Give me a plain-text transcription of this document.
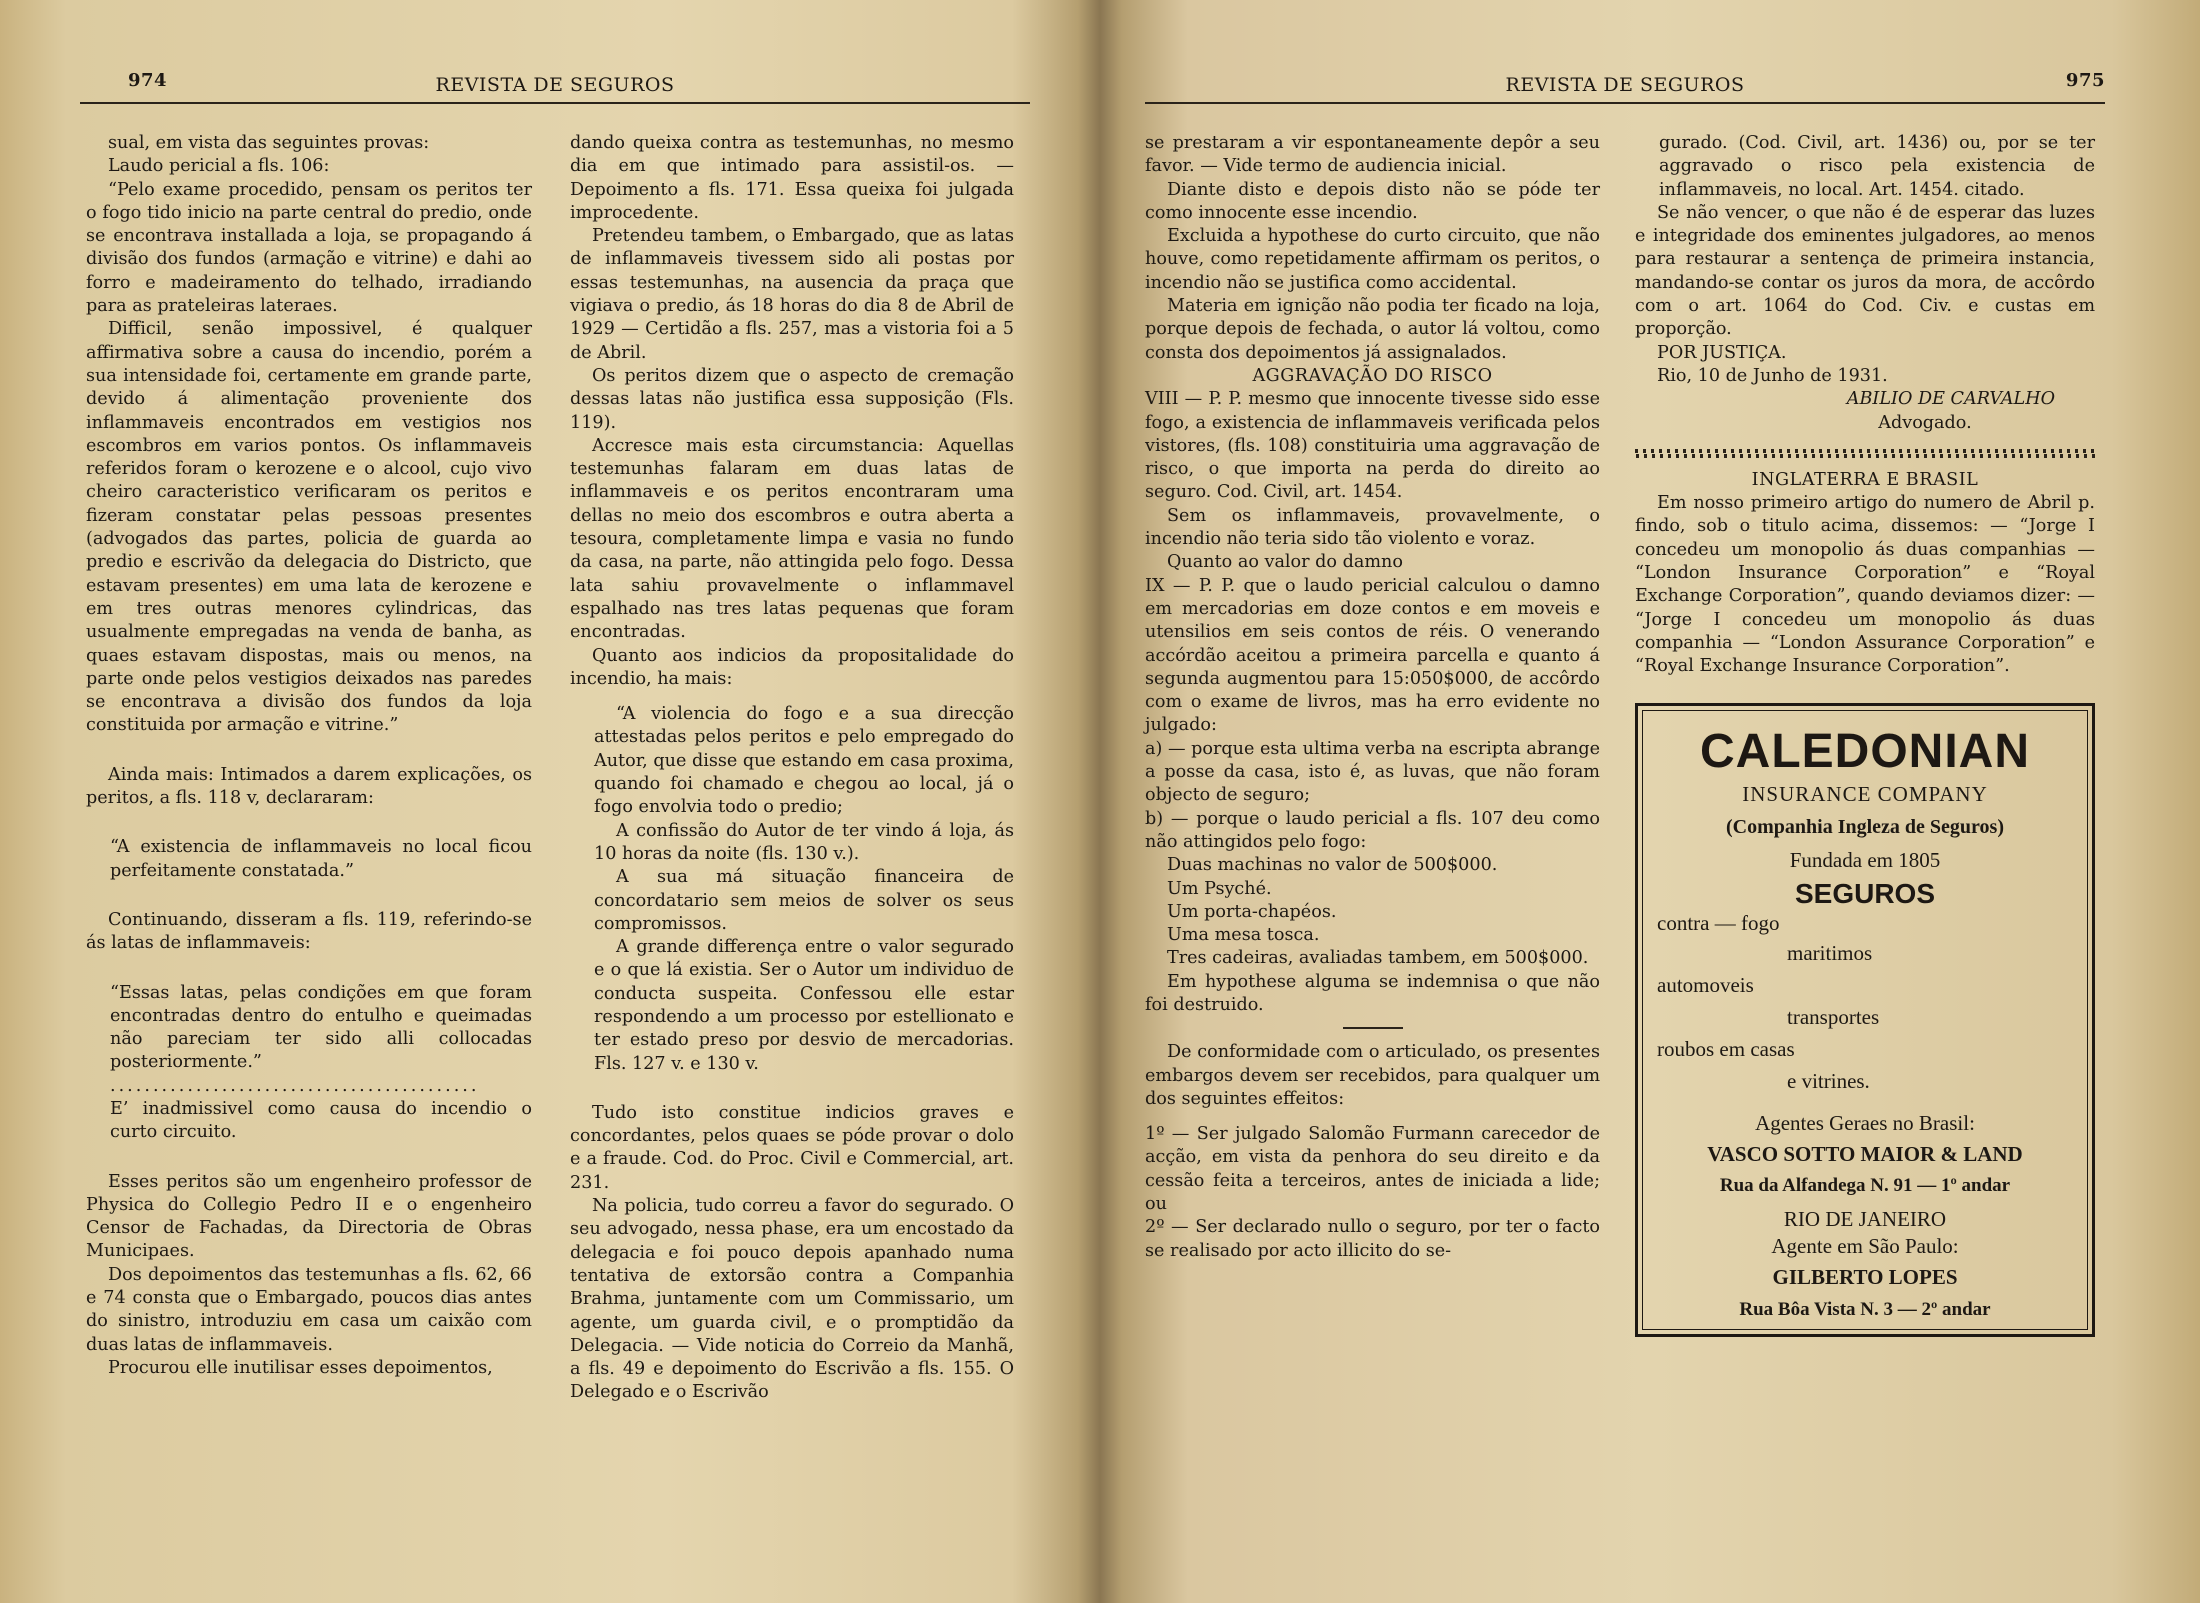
974	REVISTA DE SEGUROS

sual, em vista das seguintes provas:

Laudo pericial a fls. 106:

“Pelo exame procedido, pensam os peritos ter o fogo tido inicio na parte central do predio, onde se encontrava installada a loja, se propagando á divisão dos fundos (armação e vitrine) e dahi ao forro e madeiramento do telhado, irradiando para as prateleiras lateraes.

Difficil, senão impossivel, é qualquer affirmativa sobre a causa do incendio, porém a sua intensidade foi, certamente em grande parte, devido á alimentação proveniente dos inflammaveis encontrados em vestigios nos escombros em varios pontos. Os inflammaveis referidos foram o kerozene e o alcool, cujo vivo cheiro caracteristico verificaram os peritos e fizeram constatar pelas pessoas presentes (advogados das partes, policia de guarda ao predio e escrivão da delegacia do Districto, que estavam presentes) em uma lata de kerozene e em tres outras menores cylindricas, das usualmente empregadas na venda de banha, as quaes estavam dispostas, mais ou menos, na parte onde pelos vestigios deixados nas paredes se encontrava a divisão dos fundos da loja constituida por armação e vitrine.”

Ainda mais: Intimados a darem explicações, os peritos, a fls. 118 v, declararam:

“A existencia de inflammaveis no local ficou perfeitamente constatada.”

Continuando, disseram a fls. 119, referindo-se ás latas de inflammaveis:

“Essas latas, pelas condições em que foram encontradas dentro do entulho e queimadas não pareciam ter sido alli collocadas posteriormente.”

...........................................

E’ inadmissivel como causa do incendio o curto circuito.

Esses peritos são um engenheiro professor de Physica do Collegio Pedro II e o engenheiro Censor de Fachadas, da Directoria de Obras Municipaes.

Dos depoimentos das testemunhas a fls. 62, 66 e 74 consta que o Embargado, poucos dias antes do sinistro, introduziu em casa um caixão com duas latas de inflammaveis.

Procurou elle inutilisar esses depoimentos,

dando queixa contra as testemunhas, no mesmo dia em que intimado para assistil-os. — Depoimento a fls. 171. Essa queixa foi julgada improcedente.

Pretendeu tambem, o Embargado, que as latas de inflammaveis tivessem sido ali postas por essas testemunhas, na ausencia da praça que vigiava o predio, ás 18 horas do dia 8 de Abril de 1929 — Certidão a fls. 257, mas a vistoria foi a 5 de Abril.

Os peritos dizem que o aspecto de cremação dessas latas não justifica essa supposição (Fls. 119).

Accresce mais esta circumstancia: Aquellas testemunhas falaram em duas latas de inflammaveis e os peritos encontraram uma dellas no meio dos escombros e outra aberta a tesoura, completamente limpa e vasia no fundo da casa, na parte, não attingida pelo fogo. Dessa lata sahiu provavelmente o inflammavel espalhado nas tres latas pequenas que foram encontradas.

Quanto aos indicios da propositalidade do incendio, ha mais:

“A violencia do fogo e a sua direcção attestadas pelos peritos e pelo empregado do Autor, que disse que estando em casa proxima, quando foi chamado e chegou ao local, já o fogo envolvia todo o predio;

A confissão do Autor de ter vindo á loja, ás 10 horas da noite (fls. 130 v.).

A sua má situação financeira de concordatario sem meios de solver os seus compromissos.

A grande differença entre o valor segurado e o que lá existia. Ser o Autor um individuo de conducta suspeita. Confessou elle estar respondendo a um processo por estellionato e ter estado preso por desvio de mercadorias. Fls. 127 v. e 130 v.

Tudo isto constitue indicios graves e concordantes, pelos quaes se póde provar o dolo e a fraude. Cod. do Proc. Civil e Commercial, art. 231.

Na policia, tudo correu a favor do segurado. O seu advogado, nessa phase, era um encostado da delegacia e foi pouco depois apanhado numa tentativa de extorsão contra a Companhia Brahma, juntamente com um Commissario, um agente, um guarda civil, e o promptidão da Delegacia. — Vide noticia do Correio da Manhã, a fls. 49 e depoimento do Escrivão a fls. 155. O Delegado e o Escrivão

REVISTA DE SEGUROS	975

se prestaram a vir espontaneamente depôr a seu favor. — Vide termo de audiencia inicial.

Diante disto e depois disto não se póde ter como innocente esse incendio.

Excluida a hypothese do curto circuito, que não houve, como repetidamente affirmam os peritos, o incendio não se justifica como accidental.

Materia em ignição não podia ter ficado na loja, porque depois de fechada, o autor lá voltou, como consta dos depoimentos já assignalados.

AGGRAVAÇÃO DO RISCO

VIII — P. P. mesmo que innocente tivesse sido esse fogo, a existencia de inflammaveis verificada pelos vistores, (fls. 108) constituiria uma aggravação de risco, o que importa na perda do direito ao seguro. Cod. Civil, art. 1454.

Sem os inflammaveis, provavelmente, o incendio não teria sido tão violento e voraz.

Quanto ao valor do damno

IX — P. P. que o laudo pericial calculou o damno em mercadorias em doze contos e em moveis e utensilios em seis contos de réis. O venerando accórdão aceitou a primeira parcella e quanto á segunda augmentou para 15:050$000, de accôrdo com o exame de livros, mas ha erro evidente no julgado:

a) — porque esta ultima verba na escripta abrange a posse da casa, isto é, as luvas, que não foram objecto de seguro;

b) — porque o laudo pericial a fls. 107 deu como não attingidos pelo fogo:

Duas machinas no valor de 500$000.

Um Psyché.

Um porta-chapéos.

Uma mesa tosca.

Tres cadeiras, avaliadas tambem, em 500$000.

Em hypothese alguma se indemnisa o que não foi destruido.

De conformidade com o articulado, os presentes embargos devem ser recebidos, para qualquer um dos seguintes effeitos:

1º — Ser julgado Salomão Furmann carecedor de acção, em vista da penhora do seu direito e da cessão feita a terceiros, antes de iniciada a lide; ou

2º — Ser declarado nullo o seguro, por ter o facto se realisado por acto illicito do se-

gurado. (Cod. Civil, art. 1436) ou, por se ter aggravado o risco pela existencia de inflammaveis, no local. Art. 1454. citado.

Se não vencer, o que não é de esperar das luzes e integridade dos eminentes julgadores, ao menos para restaurar a sentença de primeira instancia, mandando-se contar os juros da mora, de accôrdo com o art. 1064 do Cod. Civ. e custas em proporção.

POR JUSTIÇA.

Rio, 10 de Junho de 1931.

ABILIO DE CARVALHO

Advogado.

INGLATERRA E BRASIL

Em nosso primeiro artigo do numero de Abril p. findo, sob o titulo acima, dissemos: — “Jorge I concedeu um monopolio ás duas companhias — “London Insurance Corporation” e “Royal Exchange Corporation”, quando deviamos dizer: — “Jorge I concedeu um monopolio ás duas companhia — “London Assurance Corporation” e “Royal Exchange Insurance Corporation”.

CALEDONIAN
INSURANCE COMPANY
(Companhia Ingleza de Seguros)
Fundada em 1805
SEGUROS
contra — fogo
maritimos
automoveis
transportes
roubos em casas
e vitrines.
Agentes Geraes no Brasil:
VASCO SOTTO MAIOR & LAND
Rua da Alfandega N. 91 — 1º andar
RIO DE JANEIRO
Agente em São Paulo:
GILBERTO LOPES
Rua Bôa Vista N. 3 — 2º andar
